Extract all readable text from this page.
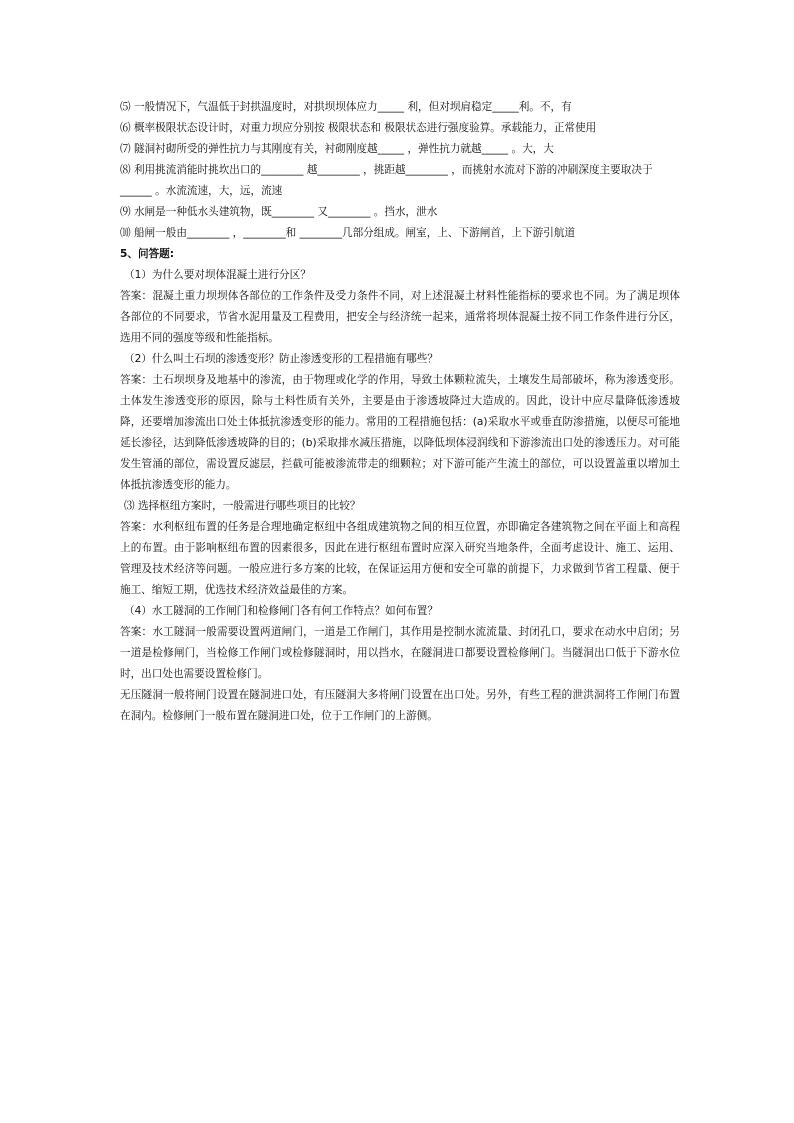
⑸ 一般情况下，气温低于封拱温度时，对拱坝坝体应力_____ 利，但对坝肩稳定_____利。不，有
⑹ 概率极限状态设计时，对重力坝应分别按 极限状态和 极限状态进行强度验算。承载能力，正常使用
⑺ 隧洞衬砌所受的弹性抗力与其刚度有关，衬砌刚度越_____ ，弹性抗力就越_____ 。大，大
⑻ 利用挑流消能时挑坎出口的________ 越________ ，挑距越________ ，而挑射水流对下游的冲刷深度主要取决于______ 。水流流速，大，远，流速
⑼ 水闸是一种低水头建筑物，既________ 又________ 。挡水，泄水
⑽ 船闸一般由________ ，________和 ________几部分组成。闸室，上、下游闸首，上下游引航道
5、问答题:
（1）为什么要对坝体混凝土进行分区？
答案：混凝土重力坝坝体各部位的工作条件及受力条件不同，对上述混凝土材料性能指标的要求也不同。为了满足坝体各部位的不同要求，节省水泥用量及工程费用，把安全与经济统一起来，通常将坝体混凝土按不同工作条件进行分区，选用不同的强度等级和性能指标。
（2）什么叫土石坝的渗透变形？防止渗透变形的工程措施有哪些？
答案：土石坝坝身及地基中的渗流，由于物理或化学的作用，导致土体颗粒流失，土壤发生局部破坏，称为渗透变形。土体发生渗透变形的原因，除与土料性质有关外，主要是由于渗透坡降过大造成的。因此，设计中应尽量降低渗透坡降，还要增加渗流出口处土体抵抗渗透变形的能力。常用的工程措施包括：(a)采取水平或垂直防渗措施，以便尽可能地延长渗径，达到降低渗透坡降的目的；(b)采取排水减压措施，以降低坝体浸润线和下游渗流出口处的渗透压力。对可能发生管涌的部位，需设置反滤层，拦截可能被渗流带走的细颗粒；对下游可能产生流土的部位，可以设置盖重以增加土体抵抗渗透变形的能力。
⑶ 选择枢纽方案时，一般需进行哪些项目的比较？
答案：水利枢纽布置的任务是合理地确定枢纽中各组成建筑物之间的相互位置，亦即确定各建筑物之间在平面上和高程上的布置。由于影响枢纽布置的因素很多，因此在进行枢纽布置时应深入研究当地条件，全面考虑设计、施工、运用、管理及技术经济等问题。一般应进行多方案的比较，在保证运用方便和安全可靠的前提下，力求做到节省工程量、便于施工、缩短工期，优选技术经济效益最佳的方案。
（4）水工隧洞的工作闸门和检修闸门各有何工作特点？如何布置？
答案：水工隧洞一般需要设置两道闸门，一道是工作闸门，其作用是控制水流流量、封闭孔口，要求在动水中启闭；另一道是检修闸门，当检修工作闸门或检修隧洞时，用以挡水，在隧洞进口都要设置检修闸门。当隧洞出口低于下游水位时，出口处也需要设置检修门。
无压隧洞一般将闸门设置在隧洞进口处，有压隧洞大多将闸门设置在出口处。另外，有些工程的泄洪洞将工作闸门布置在洞内。检修闸门一般布置在隧洞进口处，位于工作闸门的上游侧。
